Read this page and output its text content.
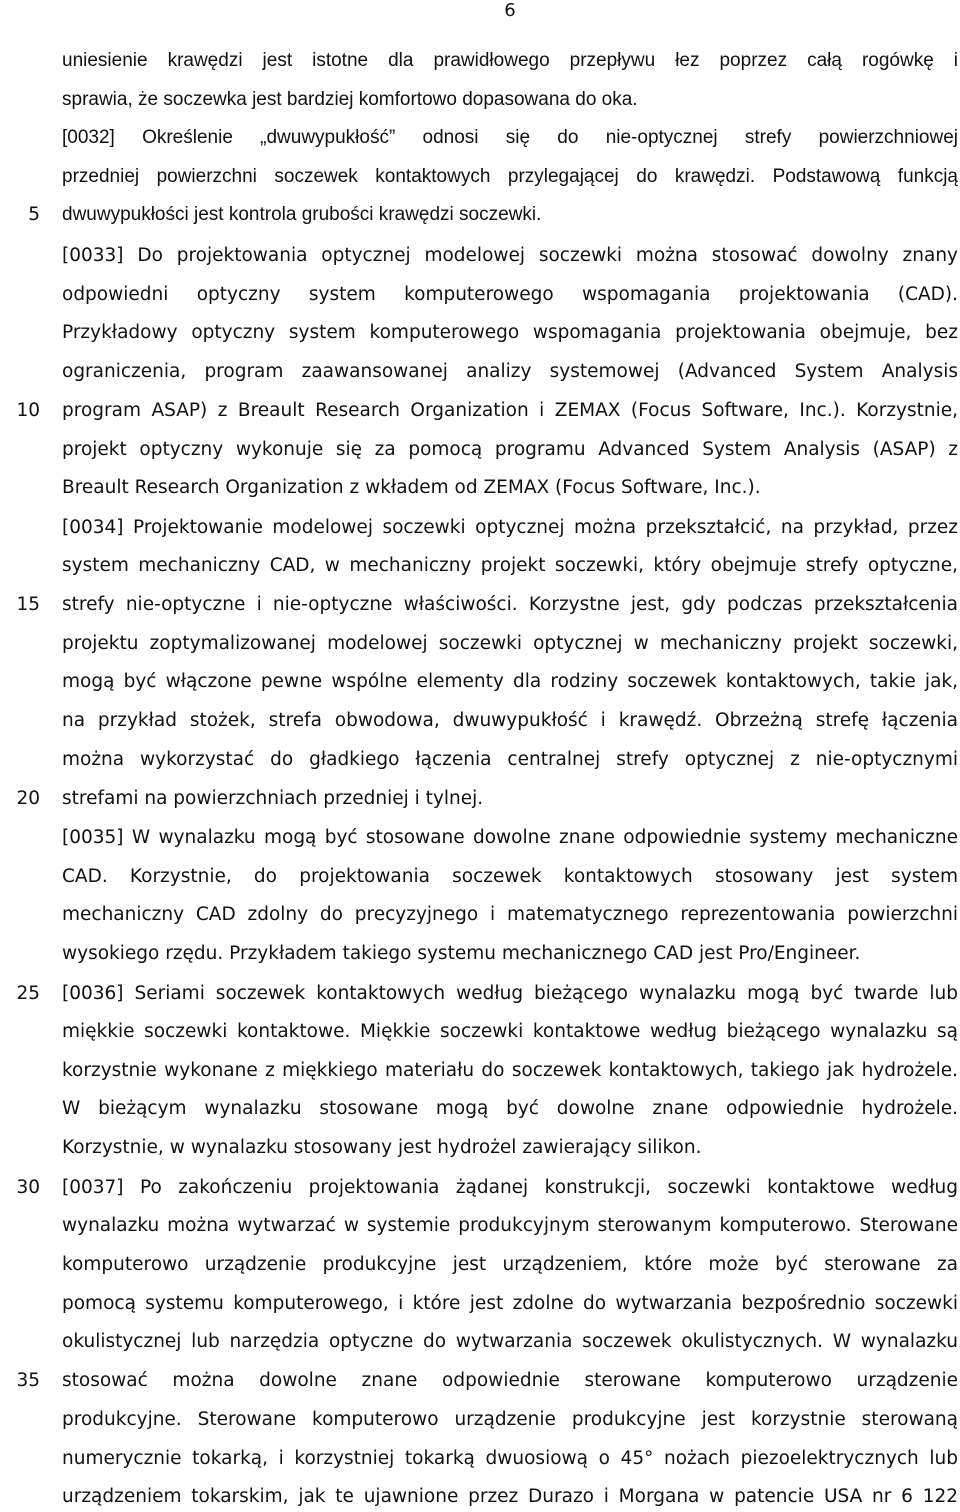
6
5
10
15
20
25
30
35
uniesienie krawędzi jest istotne dla prawidłowego przepływu łez poprzez całą rogówkę i
sprawia, że soczewka jest bardziej komfortowo dopasowana do oka.
[0032] Określenie „dwuwypukłość” odnosi się do nie-optycznej strefy powierzchniowej
przedniej powierzchni soczewek kontaktowych przylegającej do krawędzi. Podstawową funkcją
dwuwypukłości jest kontrola grubości krawędzi soczewki.
[0033] Do projektowania optycznej modelowej soczewki można stosować dowolny znany
odpowiedni optyczny system komputerowego wspomagania projektowania (CAD).
Przykładowy optyczny system komputerowego wspomagania projektowania obejmuje, bez
ograniczenia, program zaawansowanej analizy systemowej (Advanced System Analysis
program ASAP) z Breault Research Organization i ZEMAX (Focus Software, Inc.). Korzystnie,
projekt optyczny wykonuje się za pomocą programu Advanced System Analysis (ASAP) z
Breault Research Organization z wkładem od ZEMAX (Focus Software, Inc.).
[0034] Projektowanie modelowej soczewki optycznej można przekształcić, na przykład, przez
system mechaniczny CAD, w mechaniczny projekt soczewki, który obejmuje strefy optyczne,
strefy nie-optyczne i nie-optyczne właściwości. Korzystne jest, gdy podczas przekształcenia
projektu zoptymalizowanej modelowej soczewki optycznej w mechaniczny projekt soczewki,
mogą być włączone pewne wspólne elementy dla rodziny soczewek kontaktowych, takie jak,
na przykład stożek, strefa obwodowa, dwuwypukłość i krawędź. Obrzeżną strefę łączenia
można wykorzystać do gładkiego łączenia centralnej strefy optycznej z nie-optycznymi
strefami na powierzchniach przedniej i tylnej.
[0035] W wynalazku mogą być stosowane dowolne znane odpowiednie systemy mechaniczne
CAD. Korzystnie, do projektowania soczewek kontaktowych stosowany jest system
mechaniczny CAD zdolny do precyzyjnego i matematycznego reprezentowania powierzchni
wysokiego rzędu. Przykładem takiego systemu mechanicznego CAD jest Pro/Engineer.
[0036] Seriami soczewek kontaktowych według bieżącego wynalazku mogą być twarde lub
miękkie soczewki kontaktowe. Miękkie soczewki kontaktowe według bieżącego wynalazku są
korzystnie wykonane z miękkiego materiału do soczewek kontaktowych, takiego jak hydrożele.
W bieżącym wynalazku stosowane mogą być dowolne znane odpowiednie hydrożele.
Korzystnie, w wynalazku stosowany jest hydrożel zawierający silikon.
[0037] Po zakończeniu projektowania żądanej konstrukcji, soczewki kontaktowe według
wynalazku można wytwarzać w systemie produkcyjnym sterowanym komputerowo. Sterowane
komputerowo urządzenie produkcyjne jest urządzeniem, które może być sterowane za
pomocą systemu komputerowego, i które jest zdolne do wytwarzania bezpośrednio soczewki
okulistycznej lub narzędzia optyczne do wytwarzania soczewek okulistycznych. W wynalazku
stosować można dowolne znane odpowiednie sterowane komputerowo urządzenie
produkcyjne. Sterowane komputerowo urządzenie produkcyjne jest korzystnie sterowaną
numerycznie tokarką, i korzystniej tokarką dwuosiową o 45° nożach piezoelektrycznych lub
urządzeniem tokarskim, jak te ujawnione przez Durazo i Morgana w patencie USA nr 6 122
